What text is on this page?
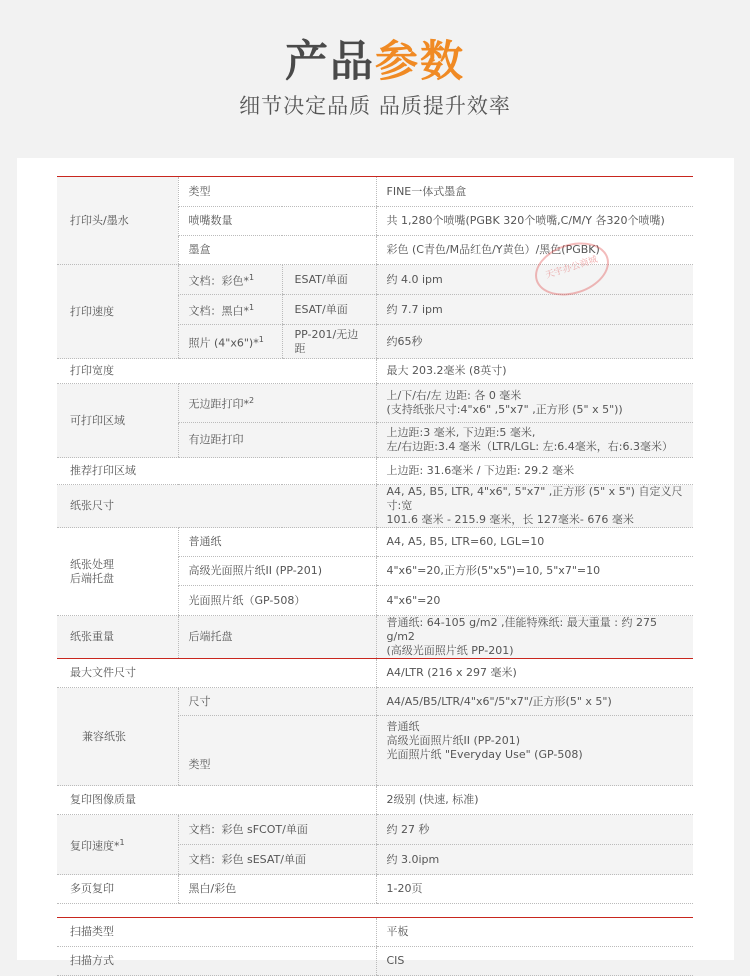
产品参数
细节决定品质 品质提升效率
打印头/墨水	类型		FINE一体式墨盒
	喷嘴数量		共 1,280个喷嘴(PGBK 320个喷嘴,C/M/Y 各320个喷嘴)
	墨盒		彩色 (C青色/M品红色/Y黄色）/黑色(PGBK)
打印速度	文档：彩色*$^1$	ESAT/单面	约 4.0 ipm
	文档：黑白*$^1$	ESAT/单面	约 7.7 ipm
	照片 (4"x6")*$^1$	PP-201/无边距	约65秒
打印宽度			最大 203.2毫米 (8英寸)
可打印区域	无边距打印*$^2$		上/下/右/左 边距: 各 0 毫米
(支持纸张尺寸:4"x6" ,5"x7" ,正方形 (5" x 5"))

	有边距打印		上边距:3 毫米, 下边距:5 毫米,
左/右边距:3.4 毫米（LTR/LGL: 左:6.4毫米，右:6.3毫米）

推荐打印区域			上边距: 31.6毫米 / 下边距: 29.2 毫米
纸张尺寸			A4, A5, B5, LTR, 4"x6", 5"x7" ,正方形 (5" x 5") 自定义尺寸:宽
101.6 毫米 - 215.9 毫米，长 127毫米- 676 毫米

纸张处理
后端托盘	普通纸		A4, A5, B5, LTR=60, LGL=10
	高级光面照片纸II (PP-201)		4"x6"=20,正方形(5"x5")=10, 5"x7"=10
	光面照片纸（GP-508）		4"x6"=20
纸张重量	后端托盘		普通纸: 64-105 g/m2 ,佳能特殊纸: 最大重量 : 约 275 g/m2
(高级光面照片纸 PP-201)
最大文件尺寸		A4/LTR (216 x 297 毫米)
兼容纸张	尺寸	A4/A5/B5/LTR/4"x6"/5"x7"/正方形(5" x 5")
	类型	普通纸
高级光面照片纸II (PP-201)
光面照片纸 "Everyday Use" (GP-508)

复印图像质量		2级别 (快速, 标准)
复印速度*$^1$	文档：彩色 sFCOT/单面	约 27 秒
	文档：彩色 sESAT/单面	约 3.0ipm
多页复印	黑白/彩色	1-20页
扫描类型	平板
扫描方式	CIS
天宇办公商城
